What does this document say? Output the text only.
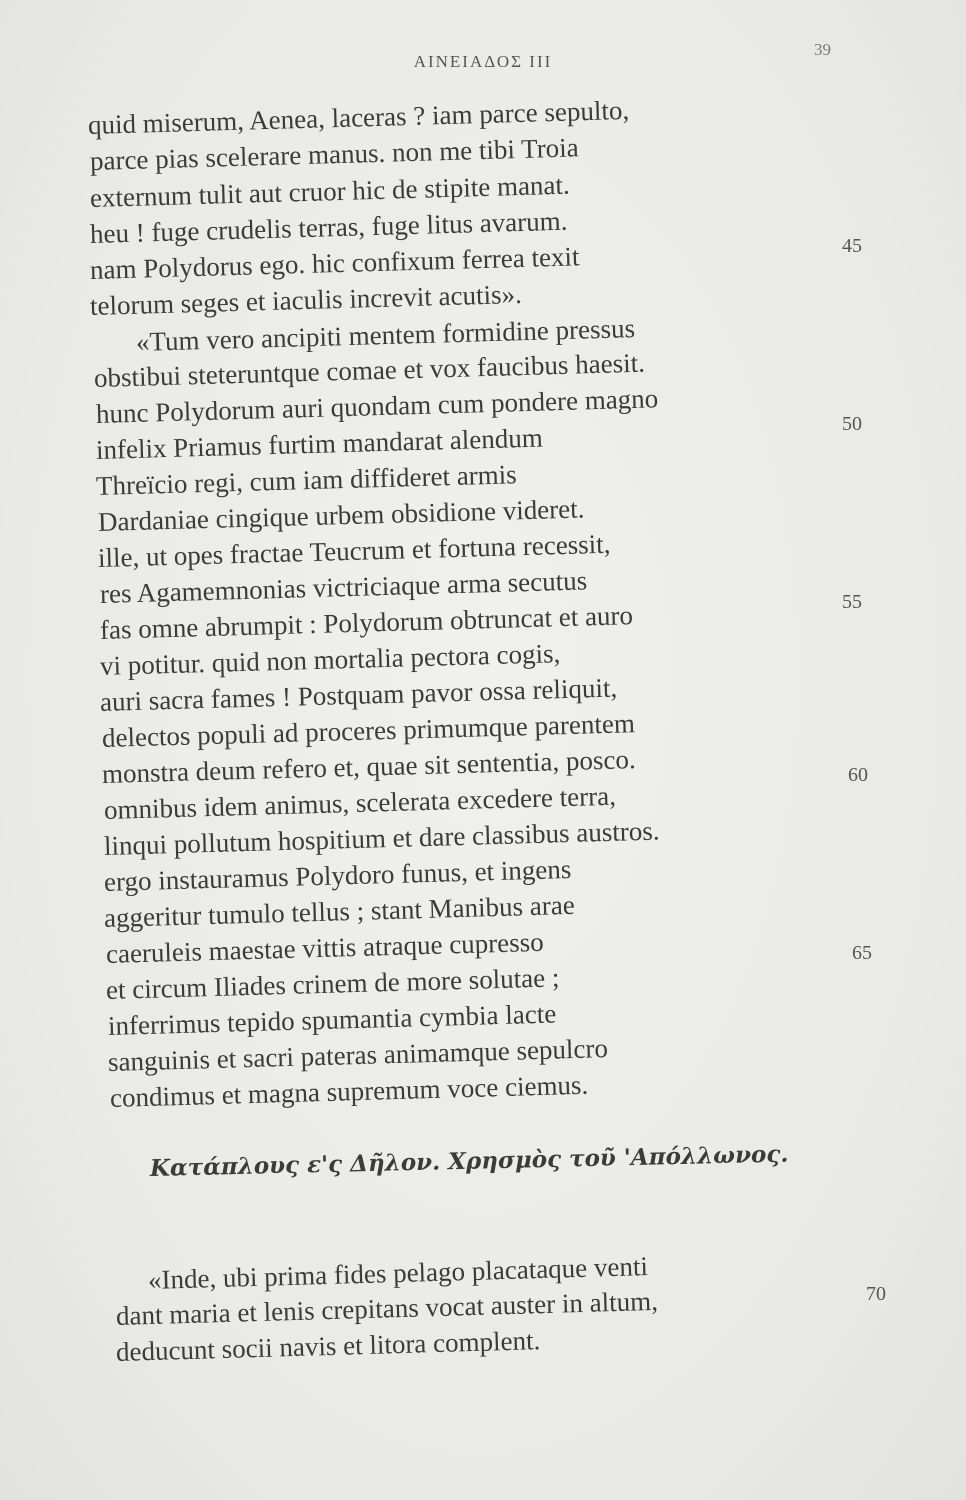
ΑΙΝΕΙΑΔΟΣ III
39
quid miserum, Aenea, laceras ? iam parce sepulto,
parce pias scelerare manus. non me tibi Troia
externum tulit aut cruor hic de stipite manat.
heu ! fuge crudelis terras, fuge litus avarum.
nam Polydorus ego. hic confixum ferrea texit
telorum seges et iaculis increvit acutis».
«Tum vero ancipiti mentem formidine pressus
obstibui steteruntque comae et vox faucibus haesit.
hunc Polydorum auri quondam cum pondere magno
infelix Priamus furtim mandarat alendum
Threïcio regi, cum iam diffideret armis
Dardaniae cingique urbem obsidione videret.
ille, ut opes fractae Teucrum et fortuna recessit,
res Agamemnonias victriciaque arma secutus
fas omne abrumpit : Polydorum obtruncat et auro
vi potitur. quid non mortalia pectora cogis,
auri sacra fames ! Postquam pavor ossa reliquit,
delectos populi ad proceres primumque parentem
monstra deum refero et, quae sit sententia, posco.
omnibus idem animus, scelerata excedere terra,
linqui pollutum hospitium et dare classibus austros.
ergo instauramus Polydoro funus, et ingens
aggeritur tumulo tellus ; stant Manibus arae
caeruleis maestae vittis atraque cupresso
et circum Iliades crinem de more solutae ;
inferrimus tepido spumantia cymbia lacte
sanguinis et sacri pateras animamque sepulcro
condimus et magna supremum voce ciemus.
45
50
55
60
65
Κατάπλους ε'ς Δῆλον. Χρησμὸς τοῦ 'Απόλλωνος.
«Inde, ubi prima fides pelago placataque venti
dant maria et lenis crepitans vocat auster in altum,
deducunt socii navis et litora complent.
70
